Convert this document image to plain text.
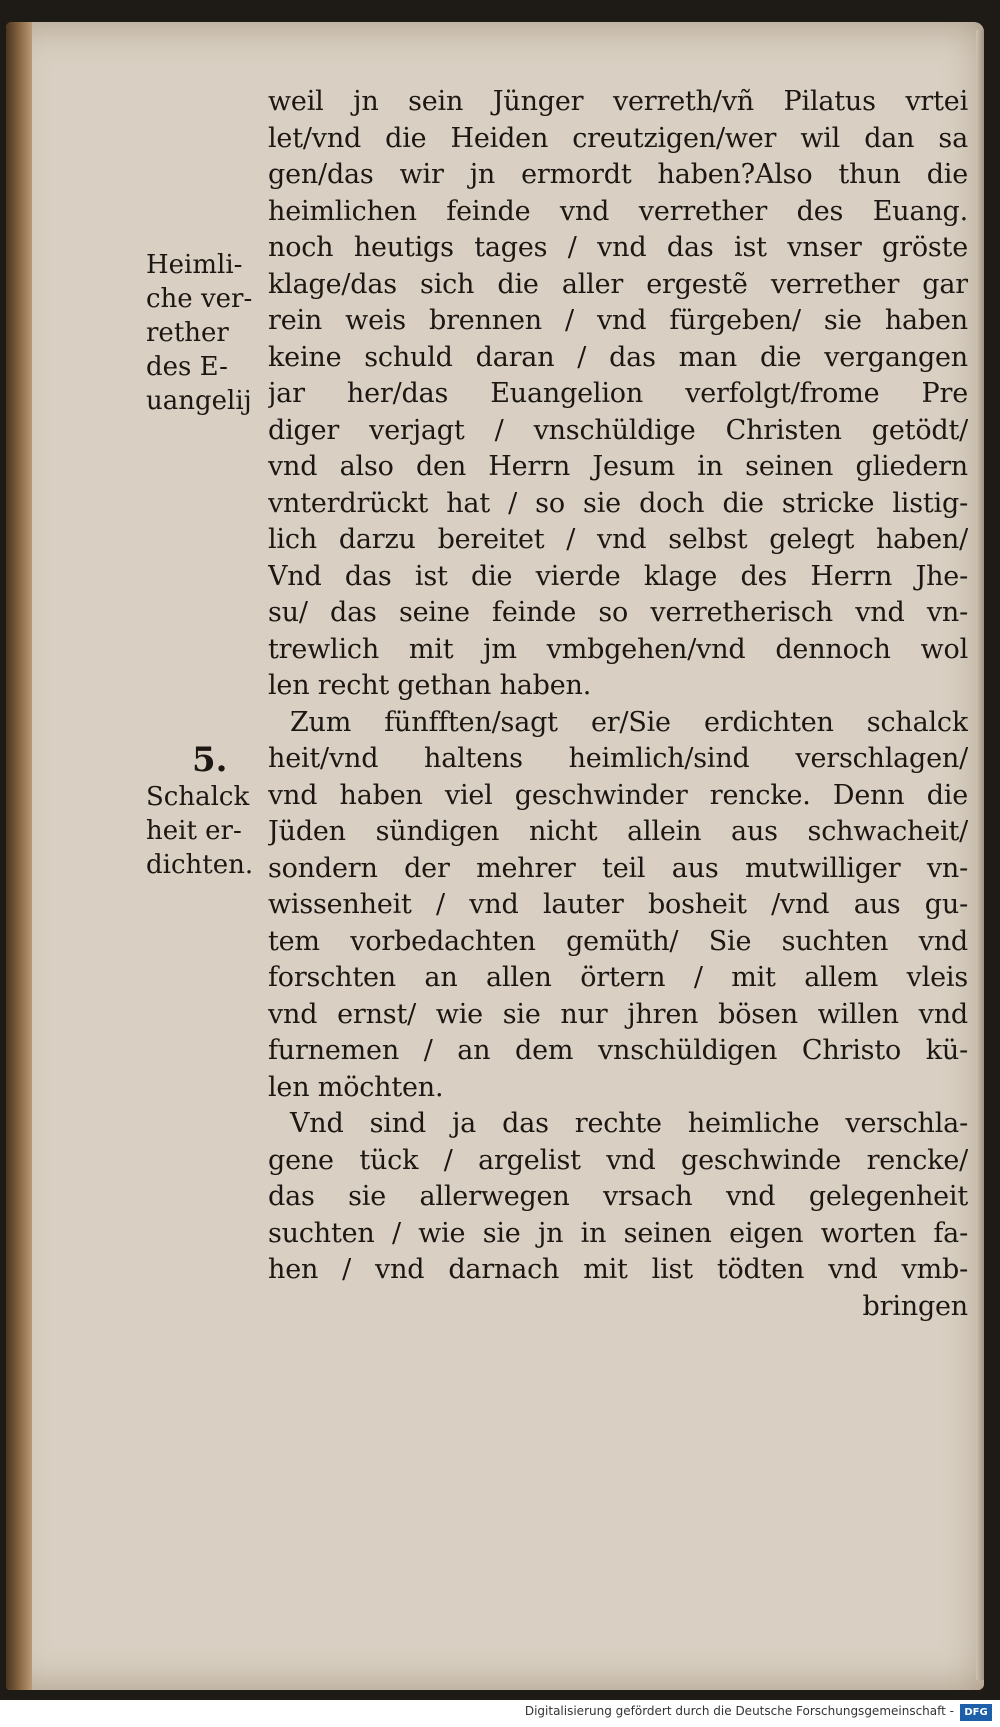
Heimli-
che ver-
rether
des E-
uangelij
5.
Schalck
heit er-
dichten.
weil jn sein Jünger verreth/vñ Pilatus vrtei
let/vnd die Heiden creutzigen/wer wil dan sa
gen/das wir jn ermordt haben?Also thun die
heimlichen feinde vnd verrether des Euang.
noch heutigs tages / vnd das ist vnser gröste
klage/das sich die aller ergestẽ verrether gar
rein weis brennen / vnd fürgeben/ sie haben
keine schuld daran / das man die vergangen
jar her/das Euangelion verfolgt/frome Pre
diger verjagt / vnschüldige Christen getödt/
vnd also den Herrn Jesum in seinen gliedern
vnterdrückt hat / so sie doch die stricke listig-
lich darzu bereitet / vnd selbst gelegt haben/
Vnd das ist die vierde klage des Herrn Jhe-
su/ das seine feinde so verretherisch vnd vn-
trewlich mit jm vmbgehen/vnd dennoch wol
len recht gethan haben.
Zum fünfften/sagt er/Sie erdichten schalck
heit/vnd haltens heimlich/sind verschlagen/
vnd haben viel geschwinder rencke. Denn die
Jüden sündigen nicht allein aus schwacheit/
sondern der mehrer teil aus mutwilliger vn-
wissenheit / vnd lauter bosheit /vnd aus gu-
tem vorbedachten gemüth/ Sie suchten vnd
forschten an allen örtern / mit allem vleis
vnd ernst/ wie sie nur jhren bösen willen vnd
furnemen / an dem vnschüldigen Christo kü-
len möchten.
Vnd sind ja das rechte heimliche verschla-
gene tück / argelist vnd geschwinde rencke/
das sie allerwegen vrsach vnd gelegenheit
suchten / wie sie jn in seinen eigen worten fa-
hen / vnd darnach mit list tödten vnd vmb-
bringen
Digitalisierung gefördert durch die Deutsche Forschungsgemeinschaft -	DFG
